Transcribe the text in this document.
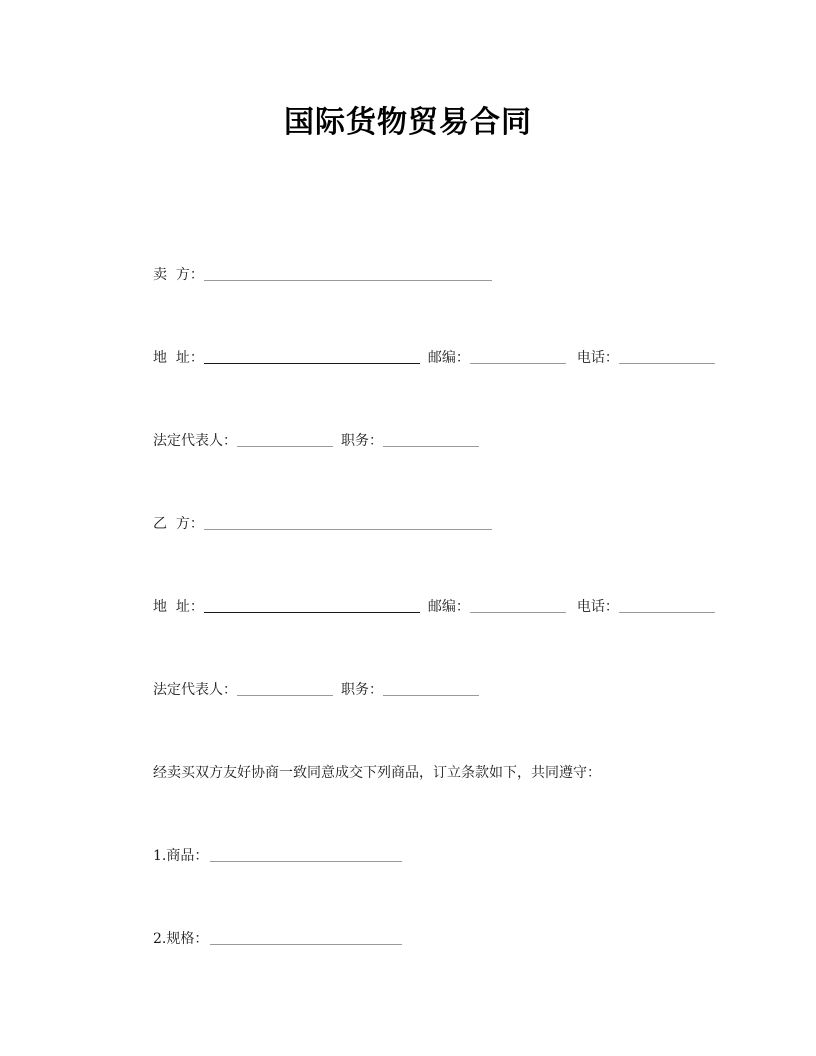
国际货物贸易合同
卖  方：
地  址：	邮编：	电话：
法定代表人：	职务：
乙  方：
地  址：	邮编：	电话：
法定代表人：	职务：
经卖买双方友好协商一致同意成交下列商品，订立条款如下，共同遵守：
1.商品：
2.规格：
